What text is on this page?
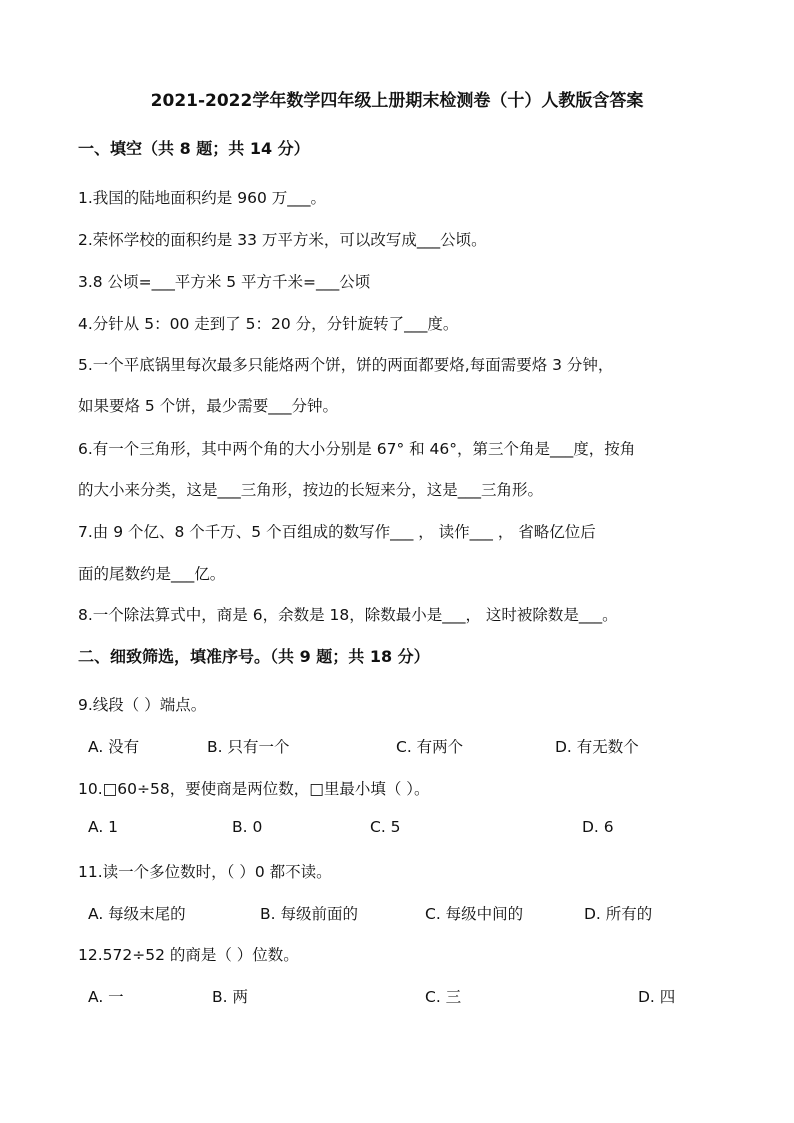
2021-2022学年数学四年级上册期末检测卷（十）人教版含答案
一、填空（共 8 题；共 14 分）
1.我国的陆地面积约是 960 万___。
2.荣怀学校的面积约是 33 万平方米，可以改写成___公顷。
3.8 公顷=___平方米 5 平方千米=___公顷
4.分针从 5：00 走到了 5：20 分，分针旋转了___度。
5.一个平底锅里每次最多只能烙两个饼，饼的两面都要烙,每面需要烙 3 分钟，
如果要烙 5 个饼，最少需要___分钟。
6.有一个三角形，其中两个角的大小分别是 67° 和 46°，第三个角是___度，按角
的大小来分类，这是___三角形，按边的长短来分，这是___三角形。
7.由 9 个亿、8 个千万、5 个百组成的数写作___ ， 读作___ ， 省略亿位后
面的尾数约是___亿。
8.一个除法算式中，商是 6，余数是 18，除数最小是___， 这时被除数是___。
二、细致筛选，填准序号。（共 9 题；共 18 分）
9.线段（ ）端点。
A. 没有	B. 只有一个	C. 有两个	D. 有无数个
10.□60÷58，要使商是两位数，□里最小填（ ）。
A. 1	B. 0	C. 5	D. 6
11.读一个多位数时，（ ）0 都不读。
A. 每级末尾的	B. 每级前面的	C. 每级中间的	D. 所有的
12.572÷52 的商是（ ）位数。
A. 一	B. 两	C. 三	D. 四
